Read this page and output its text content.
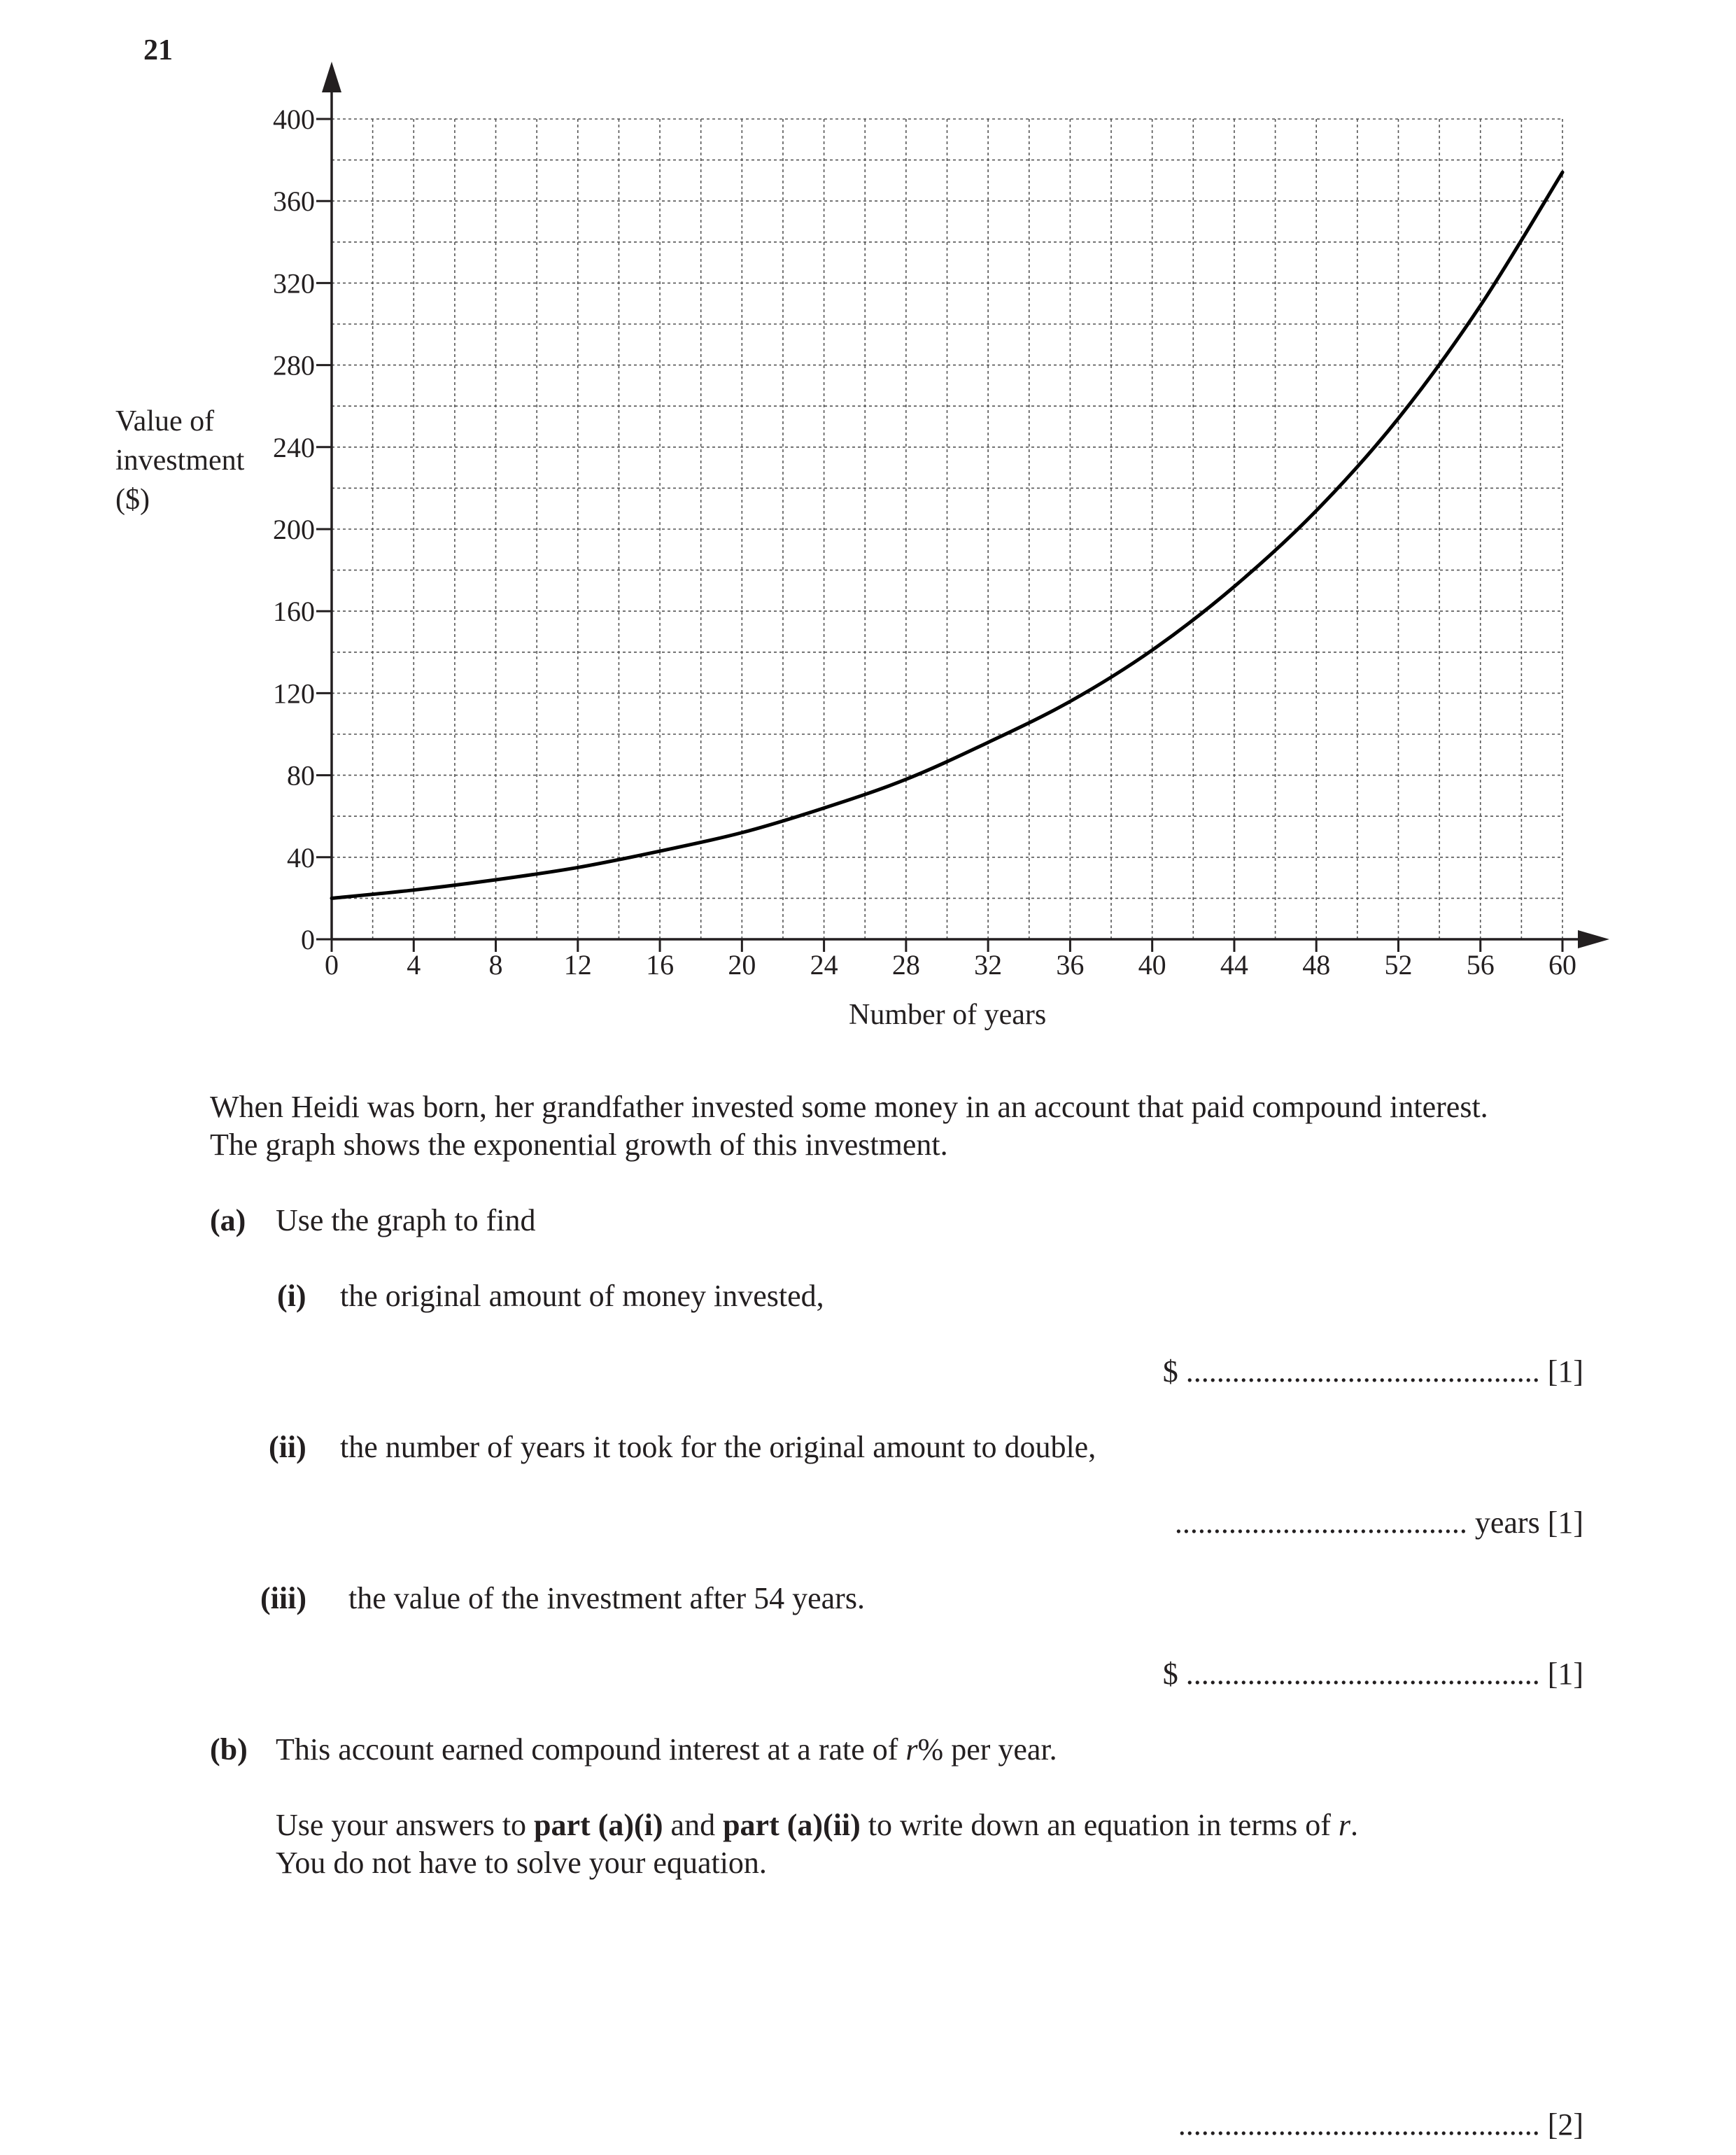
21
0
40
80
120
160
200
240
280
320
360
400
0 4 8 12 16 20 24 28 32 36 40 44 48 52 56 60
Value of
investment
($)
Number of years
When Heidi was born, her grandfather invested some money in an account that paid compound interest.
The graph shows the exponential growth of this investment.
(a) Use the graph to find
(i) the original amount of money invested,
$ .............................................. [1]
(ii) the number of years it took for the original amount to double,
...................................... years [1]
(iii) the value of the investment after 54 years.
$ .............................................. [1]
(b) This account earned compound interest at a rate of r% per year.
Use your answers to part (a)(i) and part (a)(ii) to write down an equation in terms of r.
You do not have to solve your equation.
............................................... [2]
